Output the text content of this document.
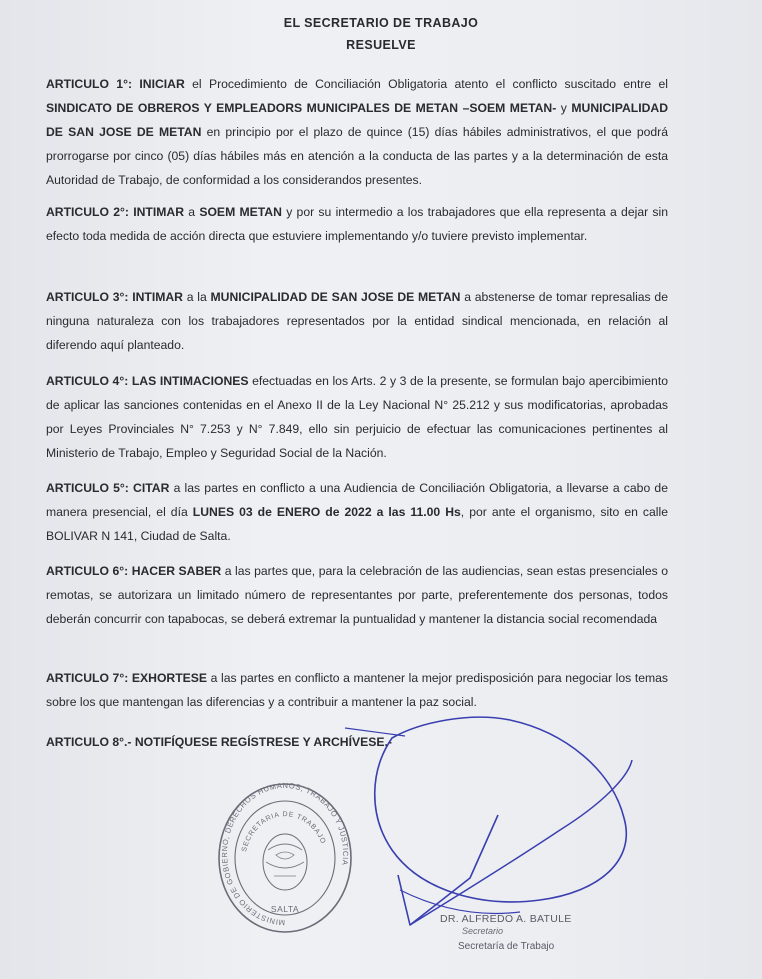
EL SECRETARIO DE TRABAJO
RESUELVE
ARTICULO 1°: INICIAR el Procedimiento de Conciliación Obligatoria atento el conflicto suscitado entre el SINDICATO DE OBREROS Y EMPLEADORS MUNICIPALES DE METAN –SOEM METAN- y MUNICIPALIDAD DE SAN JOSE DE METAN en principio por el plazo de quince (15) días hábiles administrativos, el que podrá prorrogarse por cinco (05) días hábiles más en atención a la conducta de las partes y a la determinación de esta Autoridad de Trabajo, de conformidad a los considerandos presentes.
ARTICULO 2°: INTIMAR a SOEM METAN y por su intermedio a los trabajadores que ella representa a dejar sin efecto toda medida de acción directa que estuviere implementando y/o tuviere previsto implementar.
ARTICULO 3°: INTIMAR a la MUNICIPALIDAD DE SAN JOSE DE METAN a abstenerse de tomar represalias de ninguna naturaleza con los trabajadores representados por la entidad sindical mencionada, en relación al diferendo aquí planteado.
ARTICULO 4°: LAS INTIMACIONES efectuadas en los Arts. 2 y 3 de la presente, se formulan bajo apercibimiento de aplicar las sanciones contenidas en el Anexo II de la Ley Nacional N° 25.212 y sus modificatorias, aprobadas por Leyes Provinciales N° 7.253 y N° 7.849, ello sin perjuicio de efectuar las comunicaciones pertinentes al Ministerio de Trabajo, Empleo y Seguridad Social de la Nación.
ARTICULO 5°: CITAR a las partes en conflicto a una Audiencia de Conciliación Obligatoria, a llevarse a cabo de manera presencial, el día LUNES 03 de ENERO de 2022 a las 11.00 Hs, por ante el organismo, sito en calle BOLIVAR N 141, Ciudad de Salta.
ARTICULO 6°: HACER SABER a las partes que, para la celebración de las audiencias, sean estas presenciales o remotas, se autorizara un limitado número de representantes por parte, preferentemente dos personas, todos deberán concurrir con tapabocas, se deberá extremar la puntualidad y mantener la distancia social recomendada
ARTICULO 7°: EXHORTESE a las partes en conflicto a mantener la mejor predisposición para negociar los temas sobre los que mantengan las diferencias y a contribuir a mantener la paz social.
ARTICULO 8°.- NOTIFÍQUESE REGÍSTRESE Y ARCHÍVESE.-
MINISTERIO DE GOBIERNO, DERECHOS HUMANOS, TRABAJO Y JUSTICIA
SECRETARIA DE TRABAJO
SALTA
DR. ALFREDO A. BATULE
Secretario
Secretaría de Trabajo
